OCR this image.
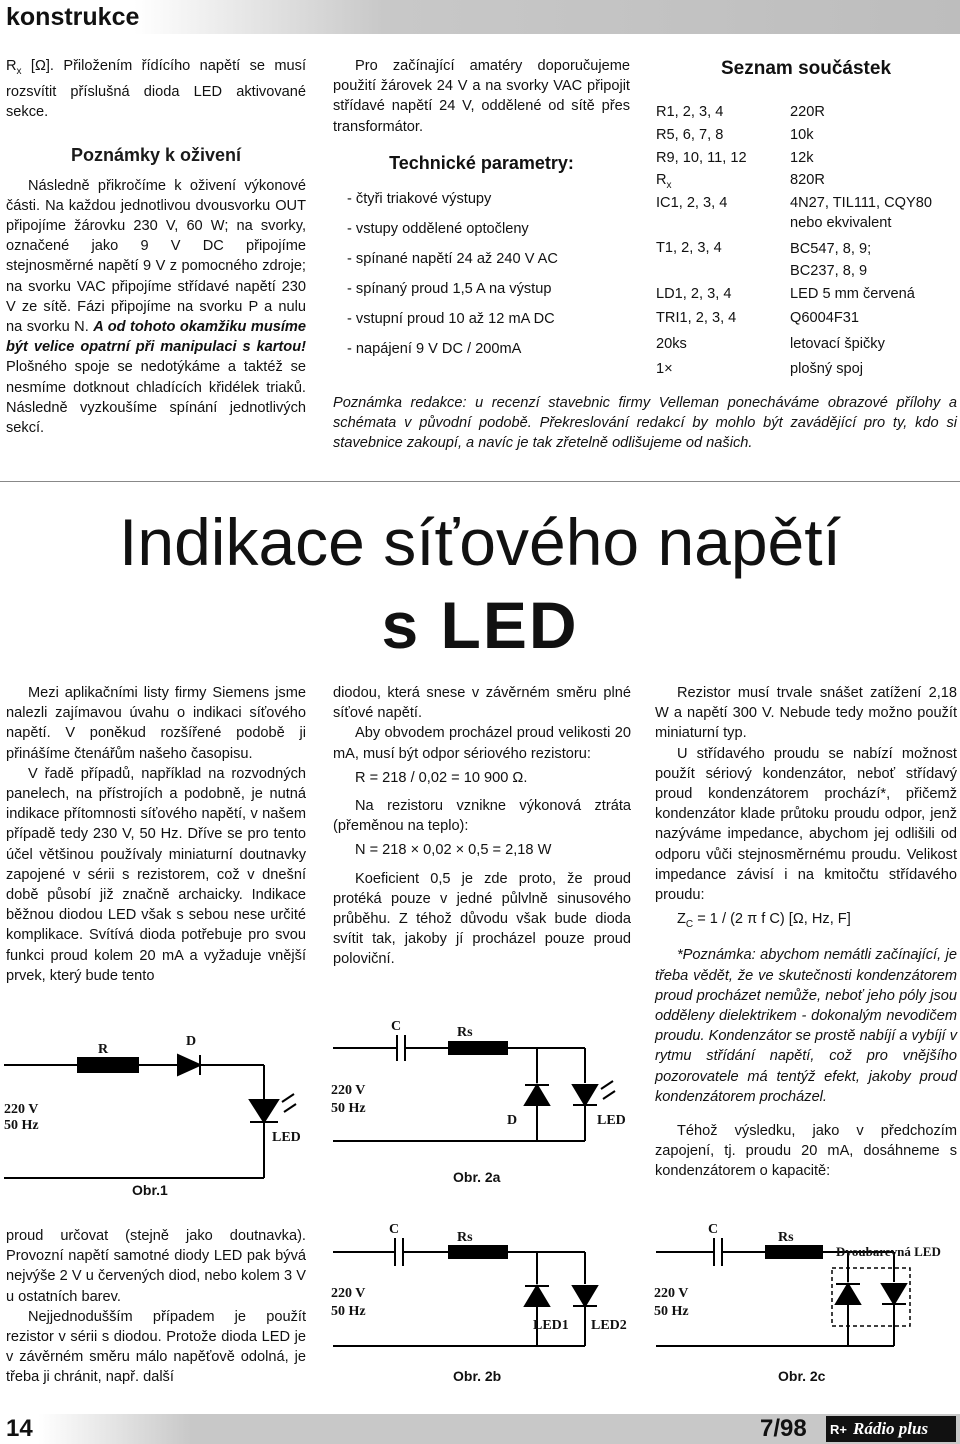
konstrukce

$R_x$ [Ω]. Přiložením řídícího napětí se musí rozsvítit příslušná dioda LED aktivované sekce.

Poznámky k oživení

Následně přikročíme k oživení výkonové části. Na každou jednotlivou dvousvorku OUT připojíme žárovku 230 V, 60 W; na svorky, označené jako 9 V DC připojíme stejnosměrné napětí 9 V z pomocného zdroje; na svorku VAC připojíme střídavé napětí 230 V ze sítě. Fázi připojíme na svorku P a nulu na svorku N. A od tohoto okamžiku musíme být velice opatrní při manipulaci s kartou! Plošného spoje se nedotýkáme a taktéž se nesmíme dotknout chladících křidélek triaků. Následně vyzkoušíme spínání jednotlivých sekcí.

Pro začínající amatéry doporučujeme použití žárovek 24 V a na svorky VAC připojit střídavé napětí 24 V, oddělené od sítě přes transformátor.

Technické parametry:

- čtyři triakové výstupy

- vstupy oddělené optočleny

- spínané napětí 24 až 240 V AC

- spínaný proud 1,5 A na výstup

- vstupní proud 10 až 12 mA DC

- napájení 9 V DC / 200mA

Seznam součástek
R1, 2, 3, 4	220R
R5, 6, 7, 8	10k
R9, 10, 11, 12	12k
$R_x$	820R
IC1, 2, 3, 4	4N27, TIL111, CQY80 nebo ekvivalent
T1, 2, 3, 4	BC547, 8, 9; BC237, 8, 9
LD1, 2, 3, 4	LED 5 mm červená
TRI1, 2, 3, 4	Q6004F31
20ks	letovací špičky
1×	plošný spoj

Poznámka redakce: u recenzí stavebnic firmy Velleman ponecháváme obrazové přílohy a schémata v původní podobě. Překreslování redakcí by mohlo být zavádějící pro ty, kdo si stavebnice zakoupí, a navíc je tak zřetelně odlišujeme od našich.

Indikace síťového napětí
s LED

Mezi aplikačními listy firmy Siemens jsme nalezli zajímavou úvahu o indikaci síťového napětí. V poněkud rozšířené podobě ji přinášíme čtenářům našeho časopisu.

V řadě případů, například na rozvodných panelech, na přístrojích a podobně, je nutná indikace přítomnosti síťového napětí, v našem případě tedy 230 V, 50 Hz. Dříve se pro tento účel většinou používaly miniaturní doutnavky zapojené v sérii s rezistorem, což v dnešní době působí již značně archaicky. Indikace běžnou diodou LED však s sebou nese určité komplikace. Svítívá dioda potřebuje pro svou funkci proud kolem 20 mA a vyžaduje vnější prvek, který bude tento

diodou, která snese v závěrném směru plné síťové napětí.

Aby obvodem procházel proud velikosti 20 mA, musí být odpor sériového rezistoru:

R = 218 / 0,02 = 10 900 Ω.

Na rezistoru vznikne výkonová ztráta (přeměnou na teplo):

N = 218 × 0,02 × 0,5 = 2,18 W

Koeficient 0,5 je zde proto, že proud protéká pouze v jedné půlvlně sinusového průběhu. Z téhož důvodu však bude dioda svítit tak, jakoby jí procházel pouze proud poloviční.

Rezistor musí trvale snášet zatížení 2,18 W a napětí 300 V. Nebude tedy možno použít miniaturní typ.

U střídavého proudu se nabízí možnost použít sériový kondenzátor, neboť střídavý proud kondenzátorem prochází*, přičemž kondenzátor klade průtoku proudu odpor, jenž nazýváme impedance, abychom jej odlišili od odporu vůči stejnosměrnému proudu. Velikost impedance závisí i na kmitočtu střídavého proudu:

$Z_C = 1 / (2$ π f C) [Ω, Hz, F]

*Poznámka: abychom nemátli začínající, je třeba vědět, že ve skutečnosti kondenzátorem proud procházet nemůže, neboť jeho póly jsou odděleny dielektrikem - dokonalým nevodičem proudu. Kondenzátor se prostě nabíjí a vybíjí v rytmu střídání napětí, což pro vnějšího pozorovatele má tentýž efekt, jakoby proud kondenzátorem procházel.

Téhož výsledku, jako v předchozím zapojení, tj. proudu 20 mA, dosáhneme s kondenzátorem o kapacitě:

R
D
220 V
50 Hz
LED
Obr.1
C	Rs
220 V
50 Hz
D	LED
Obr. 2a

proud určovat (stejně jako doutnavka). Provozní napětí samotné diody LED pak bývá nejvýše 2 V u červených diod, nebo kolem 3 V u ostatních barev.

Nejjednodušším případem je použít rezistor v sérii s diodou. Protože dioda LED je v závěrném směru málo napěťově odolná, je třeba ji chránit, např. další

C
Rs
220 V
50 Hz
LED1 LED2
Obr. 2b
C
Rs
Dvoubarevná LED
220 V
50 Hz
Obr. 2c
14	7/98 R+ Rádio plus
